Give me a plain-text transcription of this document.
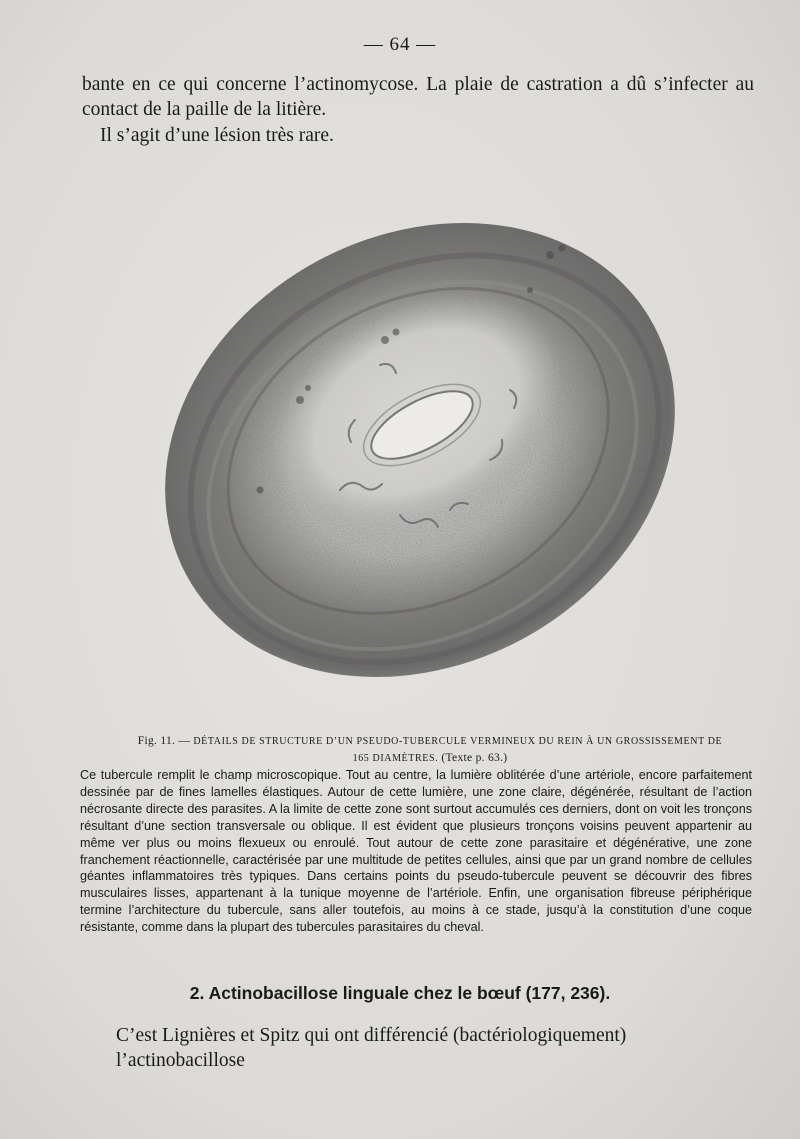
— 64 —

bante en ce qui concerne l’actinomycose. La plaie de castration a dû s’infecter au

contact de la paille de la litière.

Il s’agit d’une lésion très rare.

Fig. 11. — DÉTAILS DE STRUCTURE D’UN PSEUDO-TUBERCULE VERMINEUX DU REIN À UN GROSSISSEMENT DE 165 DIAMÈTRES. (Texte p. 63.)

Ce tubercule remplit le champ microscopique. Tout au centre, la lumière oblitérée d’une artériole, encore parfaitement dessinée par de fines lamelles élastiques. Autour de cette lumière, une zone claire, dégénérée, résultant de l’action nécrosante directe des parasites. A la limite de cette zone sont surtout accumulés ces derniers, dont on voit les tronçons résultant d’une section transversale ou oblique. Il est évident que plusieurs tronçons voisins peuvent appartenir au même ver plus ou moins flexueux ou enroulé. Tout autour de cette zone parasitaire et dégénérative, une zone franchement réactionnelle, caractérisée par une multitude de petites cellules, ainsi que par un grand nombre de cellules géantes inflammatoires très typiques. Dans certains points du pseudo-tubercule peuvent se découvrir des fibres musculaires lisses, appartenant à la tunique moyenne de l’artériole. Enfin, une organisation fibreuse périphérique termine l’architecture du tubercule, sans aller toutefois, au moins à ce stade, jusqu’à la constitution d’une coque résistante, comme dans la plupart des tubercules parasitaires du cheval.

2. Actinobacillose linguale chez le bœuf (177, 236).

C’est Lignières et Spitz qui ont différencié (bactériologiquement) l’actinobacillose
